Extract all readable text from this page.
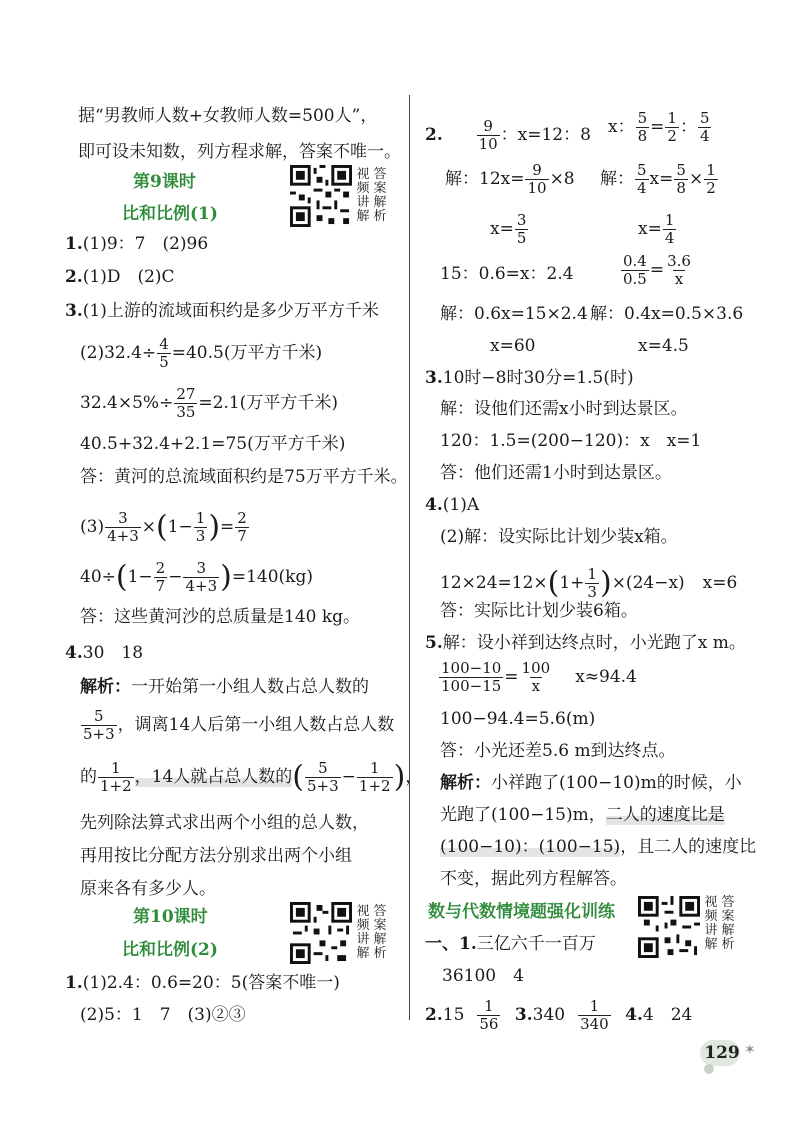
据“男教师人数+女教师人数=500人”，
即可设未知数，列方程求解，答案不唯一。
第9课时
比和比例(1)
视频讲解
答案解析
1.(1)9：7　(2)96
2.(1)D　(2)C
3.(1)上游的流域面积约是多少万平方千米
$(2)32.4\div \frac{4}{5} =40.5$(万平方千米)
$32.4\times 5\%\div \frac{27}{35} =2.1$(万平方千米)
40.5+32.4+2.1=75(万平方千米)
答：黄河的总流域面积约是75万平方千米。
$(3) \frac{3}{4+3} \times(1- \frac{1}{3}$ )= $\frac{2}{7}$
$40\div(1- \frac{2}{7} - \frac{3}{4+3} )=140(kg)$
答：这些黄河沙的总质量是140 kg。
4.30　18
解析：一开始第一小组人数占总人数的
$\frac{5}{5+3}$ ，调离14人后第一小组人数占总人数
的 $\frac{1}{1+2}$ ，14人就占总人数的( $\frac{5}{5+3} - \frac{1}{1+2}$ )，
先列除法算式求出两个小组的总人数，
再用按比分配方法分别求出两个小组
原来各有多少人。
第10课时
比和比例(2)
视频讲解
答案解析
1.(1)2.4：0.6=20：5(答案不唯一)
(2)5：1　7　(3)②③
2. $\frac{9}{10}$ ：x=12：8 x： $\frac{5}{8} = \frac{1}{2}$ ： $\frac{5}{4}$
解：$12x= \frac{9}{10} \times 8$ 解： $\frac{5}{4} x= \frac{5}{8} \times \frac{1}{2}$
$x= \frac{3}{5}$	$x= \frac{1}{4}$
15：0.6=x：2.4	$\frac{0.4}{0.5} = \frac{3.6}{x}$
解：0.6x=15×2.4 解：0.4x=0.5×3.6
x=60	x=4.5
3.10时−8时30分=1.5(时)
解：设他们还需x小时到达景区。
120：1.5=(200−120)：x　x=1
答：他们还需1小时到达景区。
4.(1)A
(2)解：设实际比计划少装x箱。
$12\times 24=12\times(1+ \frac{1}{3} )\times(24-x)$ x=6
答：实际比计划少装6箱。
5.解：设小祥到达终点时，小光跑了x m。
$\frac{100-10}{100-15} = \frac{100}{x} x\approx 94.4$
100−94.4=5.6(m)
答：小光还差5.6 m到达终点。
解析：小祥跑了(100−10)m的时候，小
光跑了(100−15)m，二人的速度比是
(100−10)：(100−15)，且二人的速度比
不变，据此列方程解答。
数与代数情境题强化训练	视频讲解
答案解析
一、1.三亿六千一百万
36100　4
$2.15 \frac{1}{56} 3.340 \frac{1}{340} 4.4$　24
129 ✶
